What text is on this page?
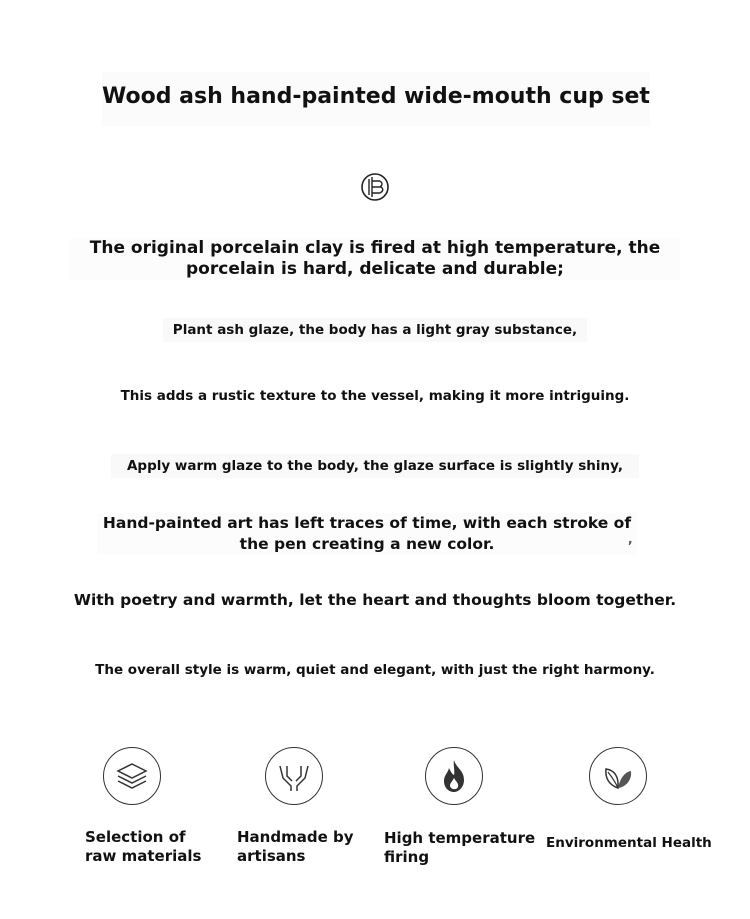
Wood ash hand-painted wide-mouth cup set
The original porcelain clay is fired at high temperature, the porcelain is hard, delicate and durable;
Plant ash glaze, the body has a light gray substance,
This adds a rustic texture to the vessel, making it more intriguing.
Apply warm glaze to the body, the glaze surface is slightly shiny,
Hand-painted art has left traces of time, with each stroke of the pen creating a new color.	,
With poetry and warmth, let the heart and thoughts bloom together.
The overall style is warm, quiet and elegant, with just the right harmony.
Selection of raw materials
Handmade by artisans
High temperature firing
Environmental Health
